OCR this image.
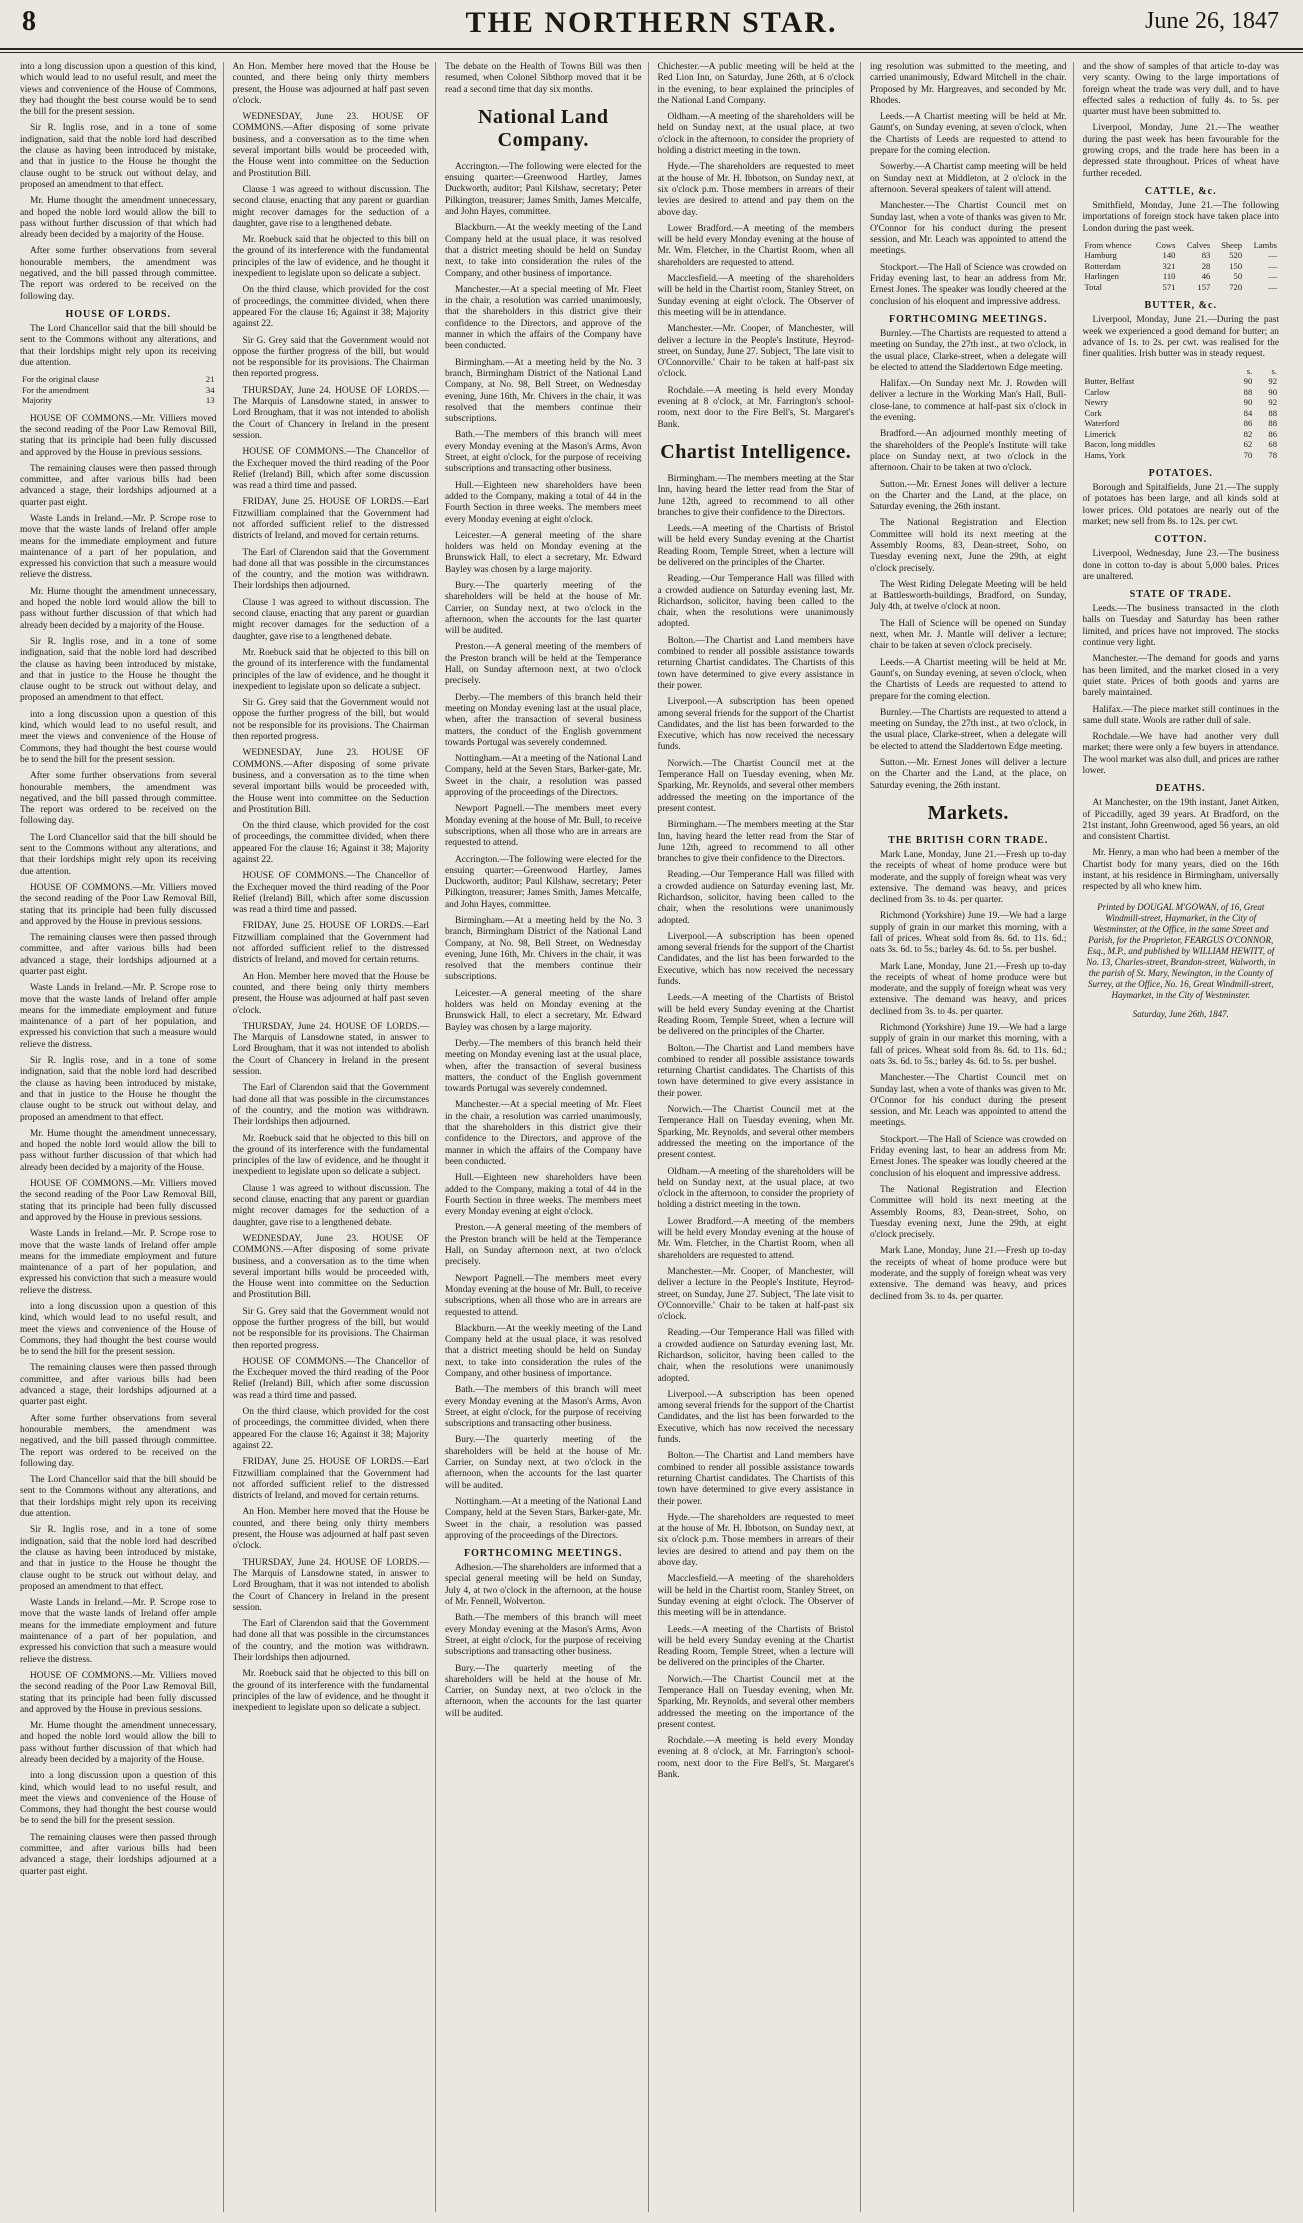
8	THE NORTHERN STAR.	June 26, 1847

into a long discussion upon a question of this kind, which would lead to no useful result, and meet the views and convenience of the House of Commons, they had thought the best course would be to send the bill for the present session.

Sir R. Inglis rose, and in a tone of some indignation, said that the noble lord had described the clause as having been introduced by mistake, and that in justice to the House he thought the clause ought to be struck out without delay, and proposed an amendment to that effect.

Mr. Hume thought the amendment unnecessary, and hoped the noble lord would allow the bill to pass without further discussion of that which had already been decided by a majority of the House.

After some further observations from several honourable members, the amendment was negatived, and the bill passed through committee. The report was ordered to be received on the following day.

HOUSE OF LORDS.

The Lord Chancellor said that the bill should be sent to the Commons without any alterations, and that their lordships might rely upon its receiving due attention.

For the original clause	21
For the amendment	34
Majority	13

HOUSE OF COMMONS.—Mr. Villiers moved the second reading of the Poor Law Removal Bill, stating that its principle had been fully discussed and approved by the House in previous sessions.

The remaining clauses were then passed through committee, and after various bills had been advanced a stage, their lordships adjourned at a quarter past eight.

Waste Lands in Ireland.—Mr. P. Scrope rose to move that the waste lands of Ireland offer ample means for the immediate employment and future maintenance of a part of her population, and expressed his conviction that such a measure would relieve the distress.

Mr. Hume thought the amendment unnecessary, and hoped the noble lord would allow the bill to pass without further discussion of that which had already been decided by a majority of the House.

Sir R. Inglis rose, and in a tone of some indignation, said that the noble lord had described the clause as having been introduced by mistake, and that in justice to the House he thought the clause ought to be struck out without delay, and proposed an amendment to that effect.

into a long discussion upon a question of this kind, which would lead to no useful result, and meet the views and convenience of the House of Commons, they had thought the best course would be to send the bill for the present session.

After some further observations from several honourable members, the amendment was negatived, and the bill passed through committee. The report was ordered to be received on the following day.

The Lord Chancellor said that the bill should be sent to the Commons without any alterations, and that their lordships might rely upon its receiving due attention.

HOUSE OF COMMONS.—Mr. Villiers moved the second reading of the Poor Law Removal Bill, stating that its principle had been fully discussed and approved by the House in previous sessions.

The remaining clauses were then passed through committee, and after various bills had been advanced a stage, their lordships adjourned at a quarter past eight.

Waste Lands in Ireland.—Mr. P. Scrope rose to move that the waste lands of Ireland offer ample means for the immediate employment and future maintenance of a part of her population, and expressed his conviction that such a measure would relieve the distress.

Sir R. Inglis rose, and in a tone of some indignation, said that the noble lord had described the clause as having been introduced by mistake, and that in justice to the House he thought the clause ought to be struck out without delay, and proposed an amendment to that effect.

Mr. Hume thought the amendment unnecessary, and hoped the noble lord would allow the bill to pass without further discussion of that which had already been decided by a majority of the House.

HOUSE OF COMMONS.—Mr. Villiers moved the second reading of the Poor Law Removal Bill, stating that its principle had been fully discussed and approved by the House in previous sessions.

Waste Lands in Ireland.—Mr. P. Scrope rose to move that the waste lands of Ireland offer ample means for the immediate employment and future maintenance of a part of her population, and expressed his conviction that such a measure would relieve the distress.

into a long discussion upon a question of this kind, which would lead to no useful result, and meet the views and convenience of the House of Commons, they had thought the best course would be to send the bill for the present session.

The remaining clauses were then passed through committee, and after various bills had been advanced a stage, their lordships adjourned at a quarter past eight.

After some further observations from several honourable members, the amendment was negatived, and the bill passed through committee. The report was ordered to be received on the following day.

The Lord Chancellor said that the bill should be sent to the Commons without any alterations, and that their lordships might rely upon its receiving due attention.

Sir R. Inglis rose, and in a tone of some indignation, said that the noble lord had described the clause as having been introduced by mistake, and that in justice to the House he thought the clause ought to be struck out without delay, and proposed an amendment to that effect.

Waste Lands in Ireland.—Mr. P. Scrope rose to move that the waste lands of Ireland offer ample means for the immediate employment and future maintenance of a part of her population, and expressed his conviction that such a measure would relieve the distress.

HOUSE OF COMMONS.—Mr. Villiers moved the second reading of the Poor Law Removal Bill, stating that its principle had been fully discussed and approved by the House in previous sessions.

Mr. Hume thought the amendment unnecessary, and hoped the noble lord would allow the bill to pass without further discussion of that which had already been decided by a majority of the House.

into a long discussion upon a question of this kind, which would lead to no useful result, and meet the views and convenience of the House of Commons, they had thought the best course would be to send the bill for the present session.

The remaining clauses were then passed through committee, and after various bills had been advanced a stage, their lordships adjourned at a quarter past eight.

An Hon. Member here moved that the House be counted, and there being only thirty members present, the House was adjourned at half past seven o'clock.

WEDNESDAY, June 23. HOUSE OF COMMONS.—After disposing of some private business, and a conversation as to the time when several important bills would be proceeded with, the House went into committee on the Seduction and Prostitution Bill.

Clause 1 was agreed to without discussion. The second clause, enacting that any parent or guardian might recover damages for the seduction of a daughter, gave rise to a lengthened debate.

Mr. Roebuck said that he objected to this bill on the ground of its interference with the fundamental principles of the law of evidence, and he thought it inexpedient to legislate upon so delicate a subject.

On the third clause, which provided for the cost of proceedings, the committee divided, when there appeared For the clause 16; Against it 38; Majority against 22.

Sir G. Grey said that the Government would not oppose the further progress of the bill, but would not be responsible for its provisions. The Chairman then reported progress.

THURSDAY, June 24. HOUSE OF LORDS.—The Marquis of Lansdowne stated, in answer to Lord Brougham, that it was not intended to abolish the Court of Chancery in Ireland in the present session.

HOUSE OF COMMONS.—The Chancellor of the Exchequer moved the third reading of the Poor Relief (Ireland) Bill, which after some discussion was read a third time and passed.

FRIDAY, June 25. HOUSE OF LORDS.—Earl Fitzwilliam complained that the Government had not afforded sufficient relief to the distressed districts of Ireland, and moved for certain returns.

The Earl of Clarendon said that the Government had done all that was possible in the circumstances of the country, and the motion was withdrawn. Their lordships then adjourned.

Clause 1 was agreed to without discussion. The second clause, enacting that any parent or guardian might recover damages for the seduction of a daughter, gave rise to a lengthened debate.

Mr. Roebuck said that he objected to this bill on the ground of its interference with the fundamental principles of the law of evidence, and he thought it inexpedient to legislate upon so delicate a subject.

Sir G. Grey said that the Government would not oppose the further progress of the bill, but would not be responsible for its provisions. The Chairman then reported progress.

WEDNESDAY, June 23. HOUSE OF COMMONS.—After disposing of some private business, and a conversation as to the time when several important bills would be proceeded with, the House went into committee on the Seduction and Prostitution Bill.

On the third clause, which provided for the cost of proceedings, the committee divided, when there appeared For the clause 16; Against it 38; Majority against 22.

HOUSE OF COMMONS.—The Chancellor of the Exchequer moved the third reading of the Poor Relief (Ireland) Bill, which after some discussion was read a third time and passed.

FRIDAY, June 25. HOUSE OF LORDS.—Earl Fitzwilliam complained that the Government had not afforded sufficient relief to the distressed districts of Ireland, and moved for certain returns.

An Hon. Member here moved that the House be counted, and there being only thirty members present, the House was adjourned at half past seven o'clock.

THURSDAY, June 24. HOUSE OF LORDS.—The Marquis of Lansdowne stated, in answer to Lord Brougham, that it was not intended to abolish the Court of Chancery in Ireland in the present session.

The Earl of Clarendon said that the Government had done all that was possible in the circumstances of the country, and the motion was withdrawn. Their lordships then adjourned.

Mr. Roebuck said that he objected to this bill on the ground of its interference with the fundamental principles of the law of evidence, and he thought it inexpedient to legislate upon so delicate a subject.

Clause 1 was agreed to without discussion. The second clause, enacting that any parent or guardian might recover damages for the seduction of a daughter, gave rise to a lengthened debate.

WEDNESDAY, June 23. HOUSE OF COMMONS.—After disposing of some private business, and a conversation as to the time when several important bills would be proceeded with, the House went into committee on the Seduction and Prostitution Bill.

Sir G. Grey said that the Government would not oppose the further progress of the bill, but would not be responsible for its provisions. The Chairman then reported progress.

HOUSE OF COMMONS.—The Chancellor of the Exchequer moved the third reading of the Poor Relief (Ireland) Bill, which after some discussion was read a third time and passed.

On the third clause, which provided for the cost of proceedings, the committee divided, when there appeared For the clause 16; Against it 38; Majority against 22.

FRIDAY, June 25. HOUSE OF LORDS.—Earl Fitzwilliam complained that the Government had not afforded sufficient relief to the distressed districts of Ireland, and moved for certain returns.

An Hon. Member here moved that the House be counted, and there being only thirty members present, the House was adjourned at half past seven o'clock.

THURSDAY, June 24. HOUSE OF LORDS.—The Marquis of Lansdowne stated, in answer to Lord Brougham, that it was not intended to abolish the Court of Chancery in Ireland in the present session.

The Earl of Clarendon said that the Government had done all that was possible in the circumstances of the country, and the motion was withdrawn. Their lordships then adjourned.

Mr. Roebuck said that he objected to this bill on the ground of its interference with the fundamental principles of the law of evidence, and he thought it inexpedient to legislate upon so delicate a subject.

The debate on the Health of Towns Bill was then resumed, when Colonel Sibthorp moved that it be read a second time that day six months.

National Land Company.

Accrington.—The following were elected for the ensuing quarter:—Greenwood Hartley, James Duckworth, auditor; Paul Kilshaw, secretary; Peter Pilkington, treasurer; James Smith, James Metcalfe, and John Hayes, committee.

Blackburn.—At the weekly meeting of the Land Company held at the usual place, it was resolved that a district meeting should be held on Sunday next, to take into consideration the rules of the Company, and other business of importance.

Manchester.—At a special meeting of Mr. Fleet in the chair, a resolution was carried unanimously, that the shareholders in this district give their confidence to the Directors, and approve of the manner in which the affairs of the Company have been conducted.

Birmingham.—At a meeting held by the No. 3 branch, Birmingham District of the National Land Company, at No. 98, Bell Street, on Wednesday evening, June 16th, Mr. Chivers in the chair, it was resolved that the members continue their subscriptions.

Bath.—The members of this branch will meet every Monday evening at the Mason's Arms, Avon Street, at eight o'clock, for the purpose of receiving subscriptions and transacting other business.

Hull.—Eighteen new shareholders have been added to the Company, making a total of 44 in the Fourth Section in three weeks. The members meet every Monday evening at eight o'clock.

Leicester.—A general meeting of the share holders was held on Monday evening at the Brunswick Hall, to elect a secretary, Mr. Edward Bayley was chosen by a large majority.

Bury.—The quarterly meeting of the shareholders will be held at the house of Mr. Carrier, on Sunday next, at two o'clock in the afternoon, when the accounts for the last quarter will be audited.

Preston.—A general meeting of the members of the Preston branch will be held at the Temperance Hall, on Sunday afternoon next, at two o'clock precisely.

Derby.—The members of this branch held their meeting on Monday evening last at the usual place, when, after the transaction of several business matters, the conduct of the English government towards Portugal was severely condemned.

Nottingham.—At a meeting of the National Land Company, held at the Seven Stars, Barker-gate, Mr. Sweet in the chair, a resolution was passed approving of the proceedings of the Directors.

Newport Pagnell.—The members meet every Monday evening at the house of Mr. Bull, to receive subscriptions, when all those who are in arrears are requested to attend.

Accrington.—The following were elected for the ensuing quarter:—Greenwood Hartley, James Duckworth, auditor; Paul Kilshaw, secretary; Peter Pilkington, treasurer; James Smith, James Metcalfe, and John Hayes, committee.

Birmingham.—At a meeting held by the No. 3 branch, Birmingham District of the National Land Company, at No. 98, Bell Street, on Wednesday evening, June 16th, Mr. Chivers in the chair, it was resolved that the members continue their subscriptions.

Leicester.—A general meeting of the share holders was held on Monday evening at the Brunswick Hall, to elect a secretary, Mr. Edward Bayley was chosen by a large majority.

Derby.—The members of this branch held their meeting on Monday evening last at the usual place, when, after the transaction of several business matters, the conduct of the English government towards Portugal was severely condemned.

Manchester.—At a special meeting of Mr. Fleet in the chair, a resolution was carried unanimously, that the shareholders in this district give their confidence to the Directors, and approve of the manner in which the affairs of the Company have been conducted.

Hull.—Eighteen new shareholders have been added to the Company, making a total of 44 in the Fourth Section in three weeks. The members meet every Monday evening at eight o'clock.

Preston.—A general meeting of the members of the Preston branch will be held at the Temperance Hall, on Sunday afternoon next, at two o'clock precisely.

Newport Pagnell.—The members meet every Monday evening at the house of Mr. Bull, to receive subscriptions, when all those who are in arrears are requested to attend.

Blackburn.—At the weekly meeting of the Land Company held at the usual place, it was resolved that a district meeting should be held on Sunday next, to take into consideration the rules of the Company, and other business of importance.

Bath.—The members of this branch will meet every Monday evening at the Mason's Arms, Avon Street, at eight o'clock, for the purpose of receiving subscriptions and transacting other business.

Bury.—The quarterly meeting of the shareholders will be held at the house of Mr. Carrier, on Sunday next, at two o'clock in the afternoon, when the accounts for the last quarter will be audited.

Nottingham.—At a meeting of the National Land Company, held at the Seven Stars, Barker-gate, Mr. Sweet in the chair, a resolution was passed approving of the proceedings of the Directors.

FORTHCOMING MEETINGS.

Adhesion.—The shareholders are informed that a special general meeting will be held on Sunday, July 4, at two o'clock in the afternoon, at the house of Mr. Fennell, Wolverton.

Bath.—The members of this branch will meet every Monday evening at the Mason's Arms, Avon Street, at eight o'clock, for the purpose of receiving subscriptions and transacting other business.

Bury.—The quarterly meeting of the shareholders will be held at the house of Mr. Carrier, on Sunday next, at two o'clock in the afternoon, when the accounts for the last quarter will be audited.

Chichester.—A public meeting will be held at the Red Lion Inn, on Saturday, June 26th, at 6 o'clock in the evening, to hear explained the principles of the National Land Company.

Oldham.—A meeting of the shareholders will be held on Sunday next, at the usual place, at two o'clock in the afternoon, to consider the propriety of holding a district meeting in the town.

Hyde.—The shareholders are requested to meet at the house of Mr. H. Ibbotson, on Sunday next, at six o'clock p.m. Those members in arrears of their levies are desired to attend and pay them on the above day.

Lower Bradford.—A meeting of the members will be held every Monday evening at the house of Mr. Wm. Fletcher, in the Chartist Room, when all shareholders are requested to attend.

Macclesfield.—A meeting of the shareholders will be held in the Chartist room, Stanley Street, on Sunday evening at eight o'clock. The Observer of this meeting will be in attendance.

Manchester.—Mr. Cooper, of Manchester, will deliver a lecture in the People's Institute, Heyrod-street, on Sunday, June 27. Subject, 'The late visit to O'Connorville.' Chair to be taken at half-past six o'clock.

Rochdale.—A meeting is held every Monday evening at 8 o'clock, at Mr. Farrington's school-room, next door to the Fire Bell's, St. Margaret's Bank.

Chartist Intelligence.

Birmingham.—The members meeting at the Star Inn, having heard the letter read from the Star of June 12th, agreed to recommend to all other branches to give their confidence to the Directors.

Leeds.—A meeting of the Chartists of Bristol will be held every Sunday evening at the Chartist Reading Room, Temple Street, when a lecture will be delivered on the principles of the Charter.

Reading.—Our Temperance Hall was filled with a crowded audience on Saturday evening last, Mr. Richardson, solicitor, having been called to the chair, when the resolutions were unanimously adopted.

Bolton.—The Chartist and Land members have combined to render all possible assistance towards returning Chartist candidates. The Chartists of this town have determined to give every assistance in their power.

Liverpool.—A subscription has been opened among several friends for the support of the Chartist Candidates, and the list has been forwarded to the Executive, which has now received the necessary funds.

Norwich.—The Chartist Council met at the Temperance Hall on Tuesday evening, when Mr. Sparking, Mr. Reynolds, and several other members addressed the meeting on the importance of the present contest.

Birmingham.—The members meeting at the Star Inn, having heard the letter read from the Star of June 12th, agreed to recommend to all other branches to give their confidence to the Directors.

Reading.—Our Temperance Hall was filled with a crowded audience on Saturday evening last, Mr. Richardson, solicitor, having been called to the chair, when the resolutions were unanimously adopted.

Liverpool.—A subscription has been opened among several friends for the support of the Chartist Candidates, and the list has been forwarded to the Executive, which has now received the necessary funds.

Leeds.—A meeting of the Chartists of Bristol will be held every Sunday evening at the Chartist Reading Room, Temple Street, when a lecture will be delivered on the principles of the Charter.

Bolton.—The Chartist and Land members have combined to render all possible assistance towards returning Chartist candidates. The Chartists of this town have determined to give every assistance in their power.

Norwich.—The Chartist Council met at the Temperance Hall on Tuesday evening, when Mr. Sparking, Mr. Reynolds, and several other members addressed the meeting on the importance of the present contest.

Oldham.—A meeting of the shareholders will be held on Sunday next, at the usual place, at two o'clock in the afternoon, to consider the propriety of holding a district meeting in the town.

Lower Bradford.—A meeting of the members will be held every Monday evening at the house of Mr. Wm. Fletcher, in the Chartist Room, when all shareholders are requested to attend.

Manchester.—Mr. Cooper, of Manchester, will deliver a lecture in the People's Institute, Heyrod-street, on Sunday, June 27. Subject, 'The late visit to O'Connorville.' Chair to be taken at half-past six o'clock.

Reading.—Our Temperance Hall was filled with a crowded audience on Saturday evening last, Mr. Richardson, solicitor, having been called to the chair, when the resolutions were unanimously adopted.

Liverpool.—A subscription has been opened among several friends for the support of the Chartist Candidates, and the list has been forwarded to the Executive, which has now received the necessary funds.

Bolton.—The Chartist and Land members have combined to render all possible assistance towards returning Chartist candidates. The Chartists of this town have determined to give every assistance in their power.

Hyde.—The shareholders are requested to meet at the house of Mr. H. Ibbotson, on Sunday next, at six o'clock p.m. Those members in arrears of their levies are desired to attend and pay them on the above day.

Macclesfield.—A meeting of the shareholders will be held in the Chartist room, Stanley Street, on Sunday evening at eight o'clock. The Observer of this meeting will be in attendance.

Leeds.—A meeting of the Chartists of Bristol will be held every Sunday evening at the Chartist Reading Room, Temple Street, when a lecture will be delivered on the principles of the Charter.

Norwich.—The Chartist Council met at the Temperance Hall on Tuesday evening, when Mr. Sparking, Mr. Reynolds, and several other members addressed the meeting on the importance of the present contest.

Rochdale.—A meeting is held every Monday evening at 8 o'clock, at Mr. Farrington's school-room, next door to the Fire Bell's, St. Margaret's Bank.

ing resolution was submitted to the meeting, and carried unanimously, Edward Mitchell in the chair. Proposed by Mr. Hargreaves, and seconded by Mr. Rhodes.

Leeds.—A Chartist meeting will be held at Mr. Gaunt's, on Sunday evening, at seven o'clock, when the Chartists of Leeds are requested to attend to prepare for the coming election.

Sowerby.—A Chartist camp meeting will be held on Sunday next at Middleton, at 2 o'clock in the afternoon. Several speakers of talent will attend.

Manchester.—The Chartist Council met on Sunday last, when a vote of thanks was given to Mr. O'Connor for his conduct during the present session, and Mr. Leach was appointed to attend the meetings.

Stockport.—The Hall of Science was crowded on Friday evening last, to hear an address from Mr. Ernest Jones. The speaker was loudly cheered at the conclusion of his eloquent and impressive address.

FORTHCOMING MEETINGS.

Burnley.—The Chartists are requested to attend a meeting on Sunday, the 27th inst., at two o'clock, in the usual place, Clarke-street, when a delegate will be elected to attend the Sladdertown Edge meeting.

Halifax.—On Sunday next Mr. J. Rowden will deliver a lecture in the Working Man's Hall, Bull-close-lane, to commence at half-past six o'clock in the evening.

Bradford.—An adjourned monthly meeting of the shareholders of the People's Institute will take place on Sunday next, at two o'clock in the afternoon. Chair to be taken at two o'clock.

Sutton.—Mr. Ernest Jones will deliver a lecture on the Charter and the Land, at the place, on Saturday evening, the 26th instant.

The National Registration and Election Committee will hold its next meeting at the Assembly Rooms, 83, Dean-street, Soho, on Tuesday evening next, June the 29th, at eight o'clock precisely.

The West Riding Delegate Meeting will be held at Battlesworth-buildings, Bradford, on Sunday, July 4th, at twelve o'clock at noon.

The Hall of Science will be opened on Sunday next, when Mr. J. Mantle will deliver a lecture; chair to be taken at seven o'clock precisely.

Leeds.—A Chartist meeting will be held at Mr. Gaunt's, on Sunday evening, at seven o'clock, when the Chartists of Leeds are requested to attend to prepare for the coming election.

Burnley.—The Chartists are requested to attend a meeting on Sunday, the 27th inst., at two o'clock, in the usual place, Clarke-street, when a delegate will be elected to attend the Sladdertown Edge meeting.

Sutton.—Mr. Ernest Jones will deliver a lecture on the Charter and the Land, at the place, on Saturday evening, the 26th instant.

Markets.
THE BRITISH CORN TRADE.

Mark Lane, Monday, June 21.—Fresh up to-day the receipts of wheat of home produce were but moderate, and the supply of foreign wheat was very extensive. The demand was heavy, and prices declined from 3s. to 4s. per quarter.

Richmond (Yorkshire) June 19.—We had a large supply of grain in our market this morning, with a fall of prices. Wheat sold from 8s. 6d. to 11s. 6d.; oats 3s. 6d. to 5s.; barley 4s. 6d. to 5s. per bushel.

Mark Lane, Monday, June 21.—Fresh up to-day the receipts of wheat of home produce were but moderate, and the supply of foreign wheat was very extensive. The demand was heavy, and prices declined from 3s. to 4s. per quarter.

Richmond (Yorkshire) June 19.—We had a large supply of grain in our market this morning, with a fall of prices. Wheat sold from 8s. 6d. to 11s. 6d.; oats 3s. 6d. to 5s.; barley 4s. 6d. to 5s. per bushel.

Manchester.—The Chartist Council met on Sunday last, when a vote of thanks was given to Mr. O'Connor for his conduct during the present session, and Mr. Leach was appointed to attend the meetings.

Stockport.—The Hall of Science was crowded on Friday evening last, to hear an address from Mr. Ernest Jones. The speaker was loudly cheered at the conclusion of his eloquent and impressive address.

The National Registration and Election Committee will hold its next meeting at the Assembly Rooms, 83, Dean-street, Soho, on Tuesday evening next, June the 29th, at eight o'clock precisely.

Mark Lane, Monday, June 21.—Fresh up to-day the receipts of wheat of home produce were but moderate, and the supply of foreign wheat was very extensive. The demand was heavy, and prices declined from 3s. to 4s. per quarter.

and the show of samples of that article to-day was very scanty. Owing to the large importations of foreign wheat the trade was very dull, and to have effected sales a reduction of fully 4s. to 5s. per quarter must have been submitted to.

Liverpool, Monday, June 21.—The weather during the past week has been favourable for the growing crops, and the trade here has been in a depressed state throughout. Prices of wheat have further receded.

CATTLE, &c.

Smithfield, Monday, June 21.—The following importations of foreign stock have taken place into London during the past week.

From whence	Cows	Calves	Sheep	Lambs
Hamburg	140	83	520	—
Rotterdam	321	28	150	—
Harlingen	110	46	50	—
Total	571	157	720	—
BUTTER, &c.

Liverpool, Monday, June 21.—During the past week we experienced a good demand for butter; an advance of 1s. to 2s. per cwt. was realised for the finer qualities. Irish butter was in steady request.

	s.	s.
Butter, Belfast	90	92
Carlow	88	90
Newry	90	92
Cork	84	88
Waterford	86	88
Limerick	82	86
Bacon, long middles	62	68
Hams, York	70	78
POTATOES.

Borough and Spitalfields, June 21.—The supply of potatoes has been large, and all kinds sold at lower prices. Old potatoes are nearly out of the market; new sell from 8s. to 12s. per cwt.

COTTON.

Liverpool, Wednesday, June 23.—The business done in cotton to-day is about 5,000 bales. Prices are unaltered.

STATE OF TRADE.

Leeds.—The business transacted in the cloth halls on Tuesday and Saturday has been rather limited, and prices have not improved. The stocks continue very light.

Manchester.—The demand for goods and yarns has been limited, and the market closed in a very quiet state. Prices of both goods and yarns are barely maintained.

Halifax.—The piece market still continues in the same dull state. Wools are rather dull of sale.

Rochdale.—We have had another very dull market; there were only a few buyers in attendance. The wool market was also dull, and prices are rather lower.

DEATHS.

At Manchester, on the 19th instant, Janet Aitken, of Piccadilly, aged 39 years. At Bradford, on the 21st instant, John Greenwood, aged 56 years, an old and consistent Chartist.

Mr. Henry, a man who had been a member of the Chartist body for many years, died on the 16th instant, at his residence in Birmingham, universally respected by all who knew him.

Printed by DOUGAL M'GOWAN, of 16, Great Windmill-street, Haymarket, in the City of Westminster, at the Office, in the same Street and Parish, for the Proprietor, FEARGUS O'CONNOR, Esq., M.P., and published by WILLIAM HEWITT, of No. 13, Charles-street, Brandon-street, Walworth, in the parish of St. Mary, Newington, in the County of Surrey, at the Office, No. 16, Great Windmill-street, Haymarket, in the City of Westminster.
Saturday, June 26th, 1847.
